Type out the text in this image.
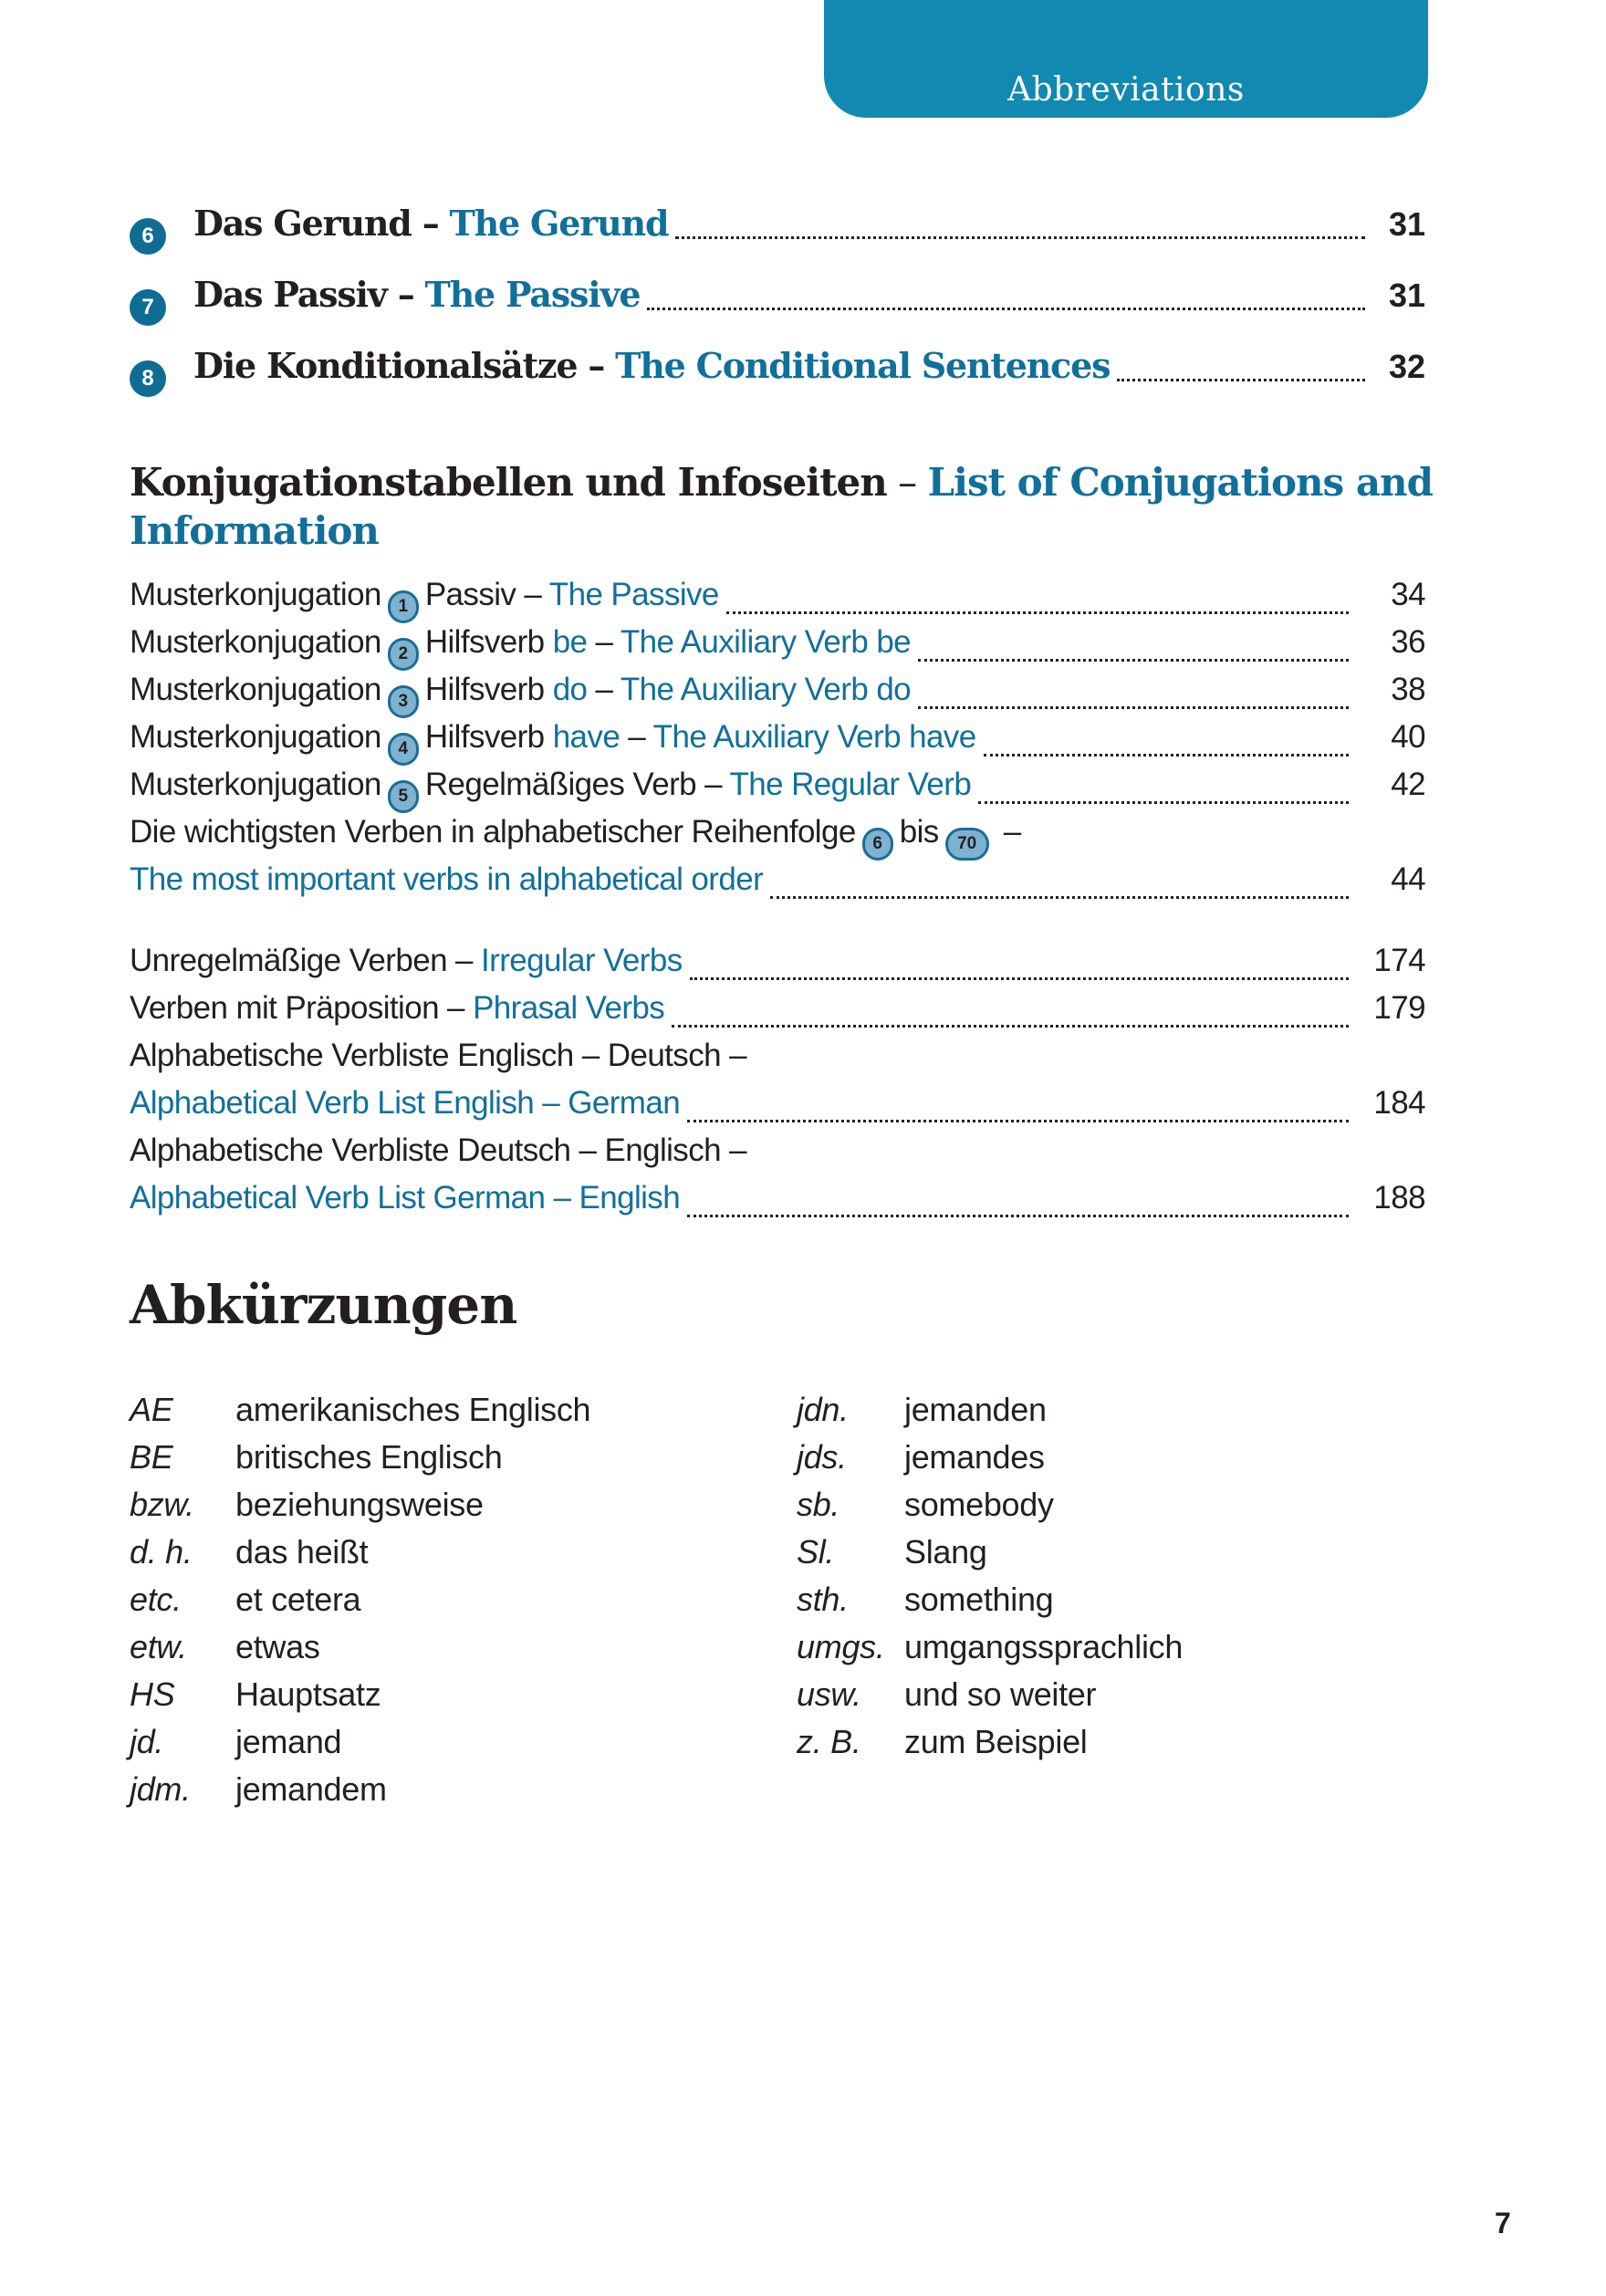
Abbreviations
6	Das Gerund – The Gerund	31
7	Das Passiv – The Passive	31
8	Die Konditionalsätze – The Conditional Sentences	32
Konjugationstabellen und Infoseiten – List of Conjugations and Information
Musterkonjugation 1 Passiv – The Passive	34
Musterkonjugation 2 Hilfsverb be – The Auxiliary Verb be	36
Musterkonjugation 3 Hilfsverb do – The Auxiliary Verb do	38
Musterkonjugation 4 Hilfsverb have – The Auxiliary Verb have	40
Musterkonjugation 5 Regelmäßiges Verb – The Regular Verb	42
Die wichtigsten Verben in alphabetischer Reihenfolge 6 bis 70 –
The most important verbs in alphabetical order	44
Unregelmäßige Verben – Irregular Verbs	174
Verben mit Präposition – Phrasal Verbs	179
Alphabetische Verbliste Englisch – Deutsch –
Alphabetical Verb List English – German	184
Alphabetische Verbliste Deutsch – Englisch –
Alphabetical Verb List German – English	188
Abkürzungen
AE	amerikanisches Englisch
BE	britisches Englisch
bzw.	beziehungsweise
d. h.	das heißt
etc.	et cetera
etw.	etwas
HS	Hauptsatz
jd.	jemand
jdm.	jemandem
jdn.	jemanden
jds.	jemandes
sb.	somebody
Sl.	Slang
sth.	something
umgs. umgangssprachlich
usw.	und so weiter
z. B.	zum Beispiel
7
